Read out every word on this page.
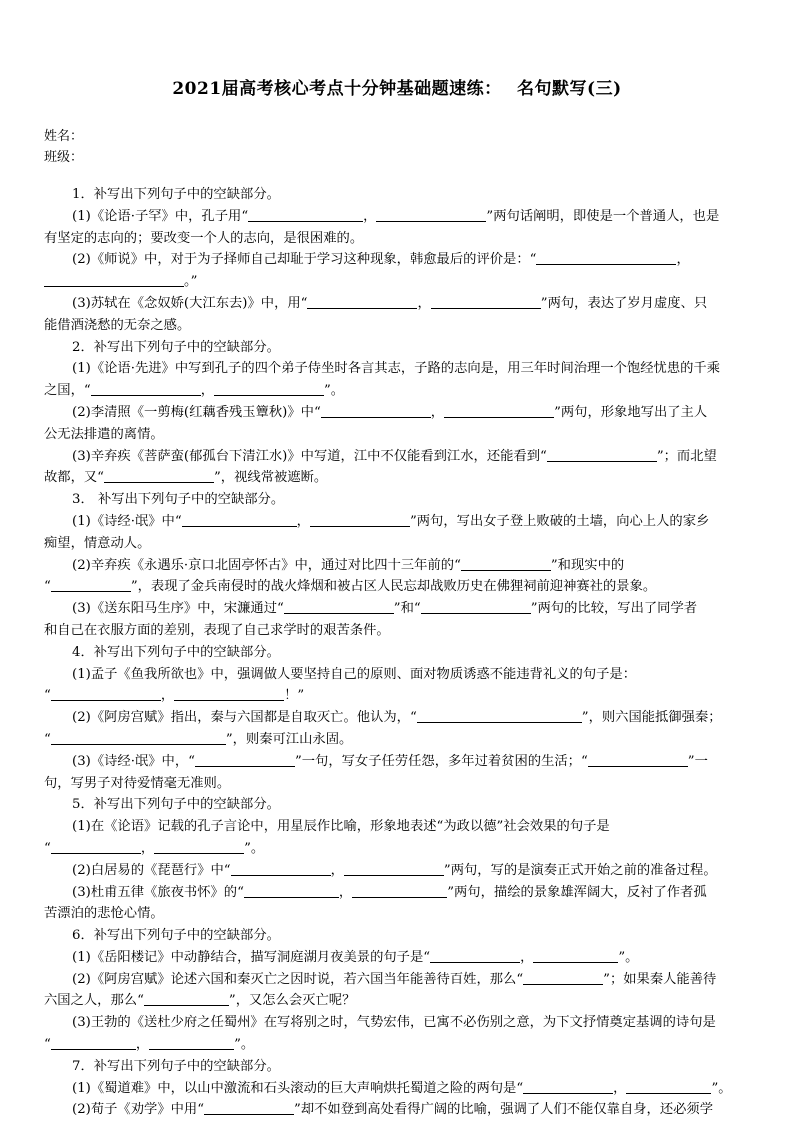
2021届高考核心考点十分钟基础题速练：　 名句默写(三)
姓名：
班级：
1．补写出下列句子中的空缺部分。
(1)《论语·子罕》中，孔子用“	，	”两句话阐明，即使是一个普通人，也是
有坚定的志向的；要改变一个人的志向，是很困难的。
(2)《师说》中，对于为子择师自己却耻于学习这种现象，韩愈最后的评价是：“	，
。”
(3)苏轼在《念奴娇(大江东去)》中，用“	，	”两句，表达了岁月虚度、只
能借酒浇愁的无奈之感。
2．补写出下列句子中的空缺部分。
(1)《论语·先进》中写到孔子的四个弟子侍坐时各言其志，子路的志向是，用三年时间治理一个饱经忧患的千乘
之国，“	，	”。
(2)李清照《一剪梅(红藕香残玉簟秋)》中“	，	”两句，形象地写出了主人
公无法排遣的离情。
(3)辛弃疾《菩萨蛮(郁孤台下清江水)》中写道，江中不仅能看到江水，还能看到“	”；而北望
故都，又“	”，视线常被遮断。
3． 补写出下列句子中的空缺部分。
(1)《诗经·氓》中“	，	”两句，写出女子登上败破的土墙，向心上人的家乡
痴望，情意动人。
(2)辛弃疾《永遇乐·京口北固亭怀古》中，通过对比四十三年前的“	”和现实中的
“	”，表现了金兵南侵时的战火烽烟和被占区人民忘却战败历史在佛狸祠前迎神赛社的景象。
(3)《送东阳马生序》中，宋濂通过“	”和“	”两句的比较，写出了同学者
和自己在衣服方面的差别，表现了自己求学时的艰苦条件。
4．补写出下列句子中的空缺部分。
(1)孟子《鱼我所欲也》中，强调做人要坚持自己的原则、面对物质诱惑不能违背礼义的句子是：
“	，	！”
(2)《阿房宫赋》指出，秦与六国都是自取灭亡。他认为，“	”，则六国能抵御强秦；
“	”，则秦可江山永固。
(3)《诗经·氓》中，“	”一句，写女子任劳任怨，多年过着贫困的生活；“	”一
句，写男子对待爱情毫无准则。
5．补写出下列句子中的空缺部分。
(1)在《论语》记载的孔子言论中，用星辰作比喻，形象地表述“为政以德”社会效果的句子是
“	，	”。
(2)白居易的《琵琶行》中“	，	”两句，写的是演奏正式开始之前的准备过程。
(3)杜甫五律《旅夜书怀》的“	，	”两句，描绘的景象雄浑阔大，反衬了作者孤
苦漂泊的悲怆心情。
6．补写出下列句子中的空缺部分。
(1)《岳阳楼记》中动静结合，描写洞庭湖月夜美景的句子是“	，	”。
(2)《阿房宫赋》论述六国和秦灭亡之因时说，若六国当年能善待百姓，那么“	”；如果秦人能善待
六国之人，那么“	”，又怎么会灭亡呢？
(3)王勃的《送杜少府之任蜀州》在写将别之时，气势宏伟，已寓不必伤别之意，为下文抒情奠定基调的诗句是
“	，	”。
7．补写出下列句子中的空缺部分。
(1)《蜀道难》中，以山中激流和石头滚动的巨大声响烘托蜀道之险的两句是“	，	”。
(2)荀子《劝学》中用“	”却不如登到高处看得广阔的比喻，强调了人们不能仅靠自身，还必须学
